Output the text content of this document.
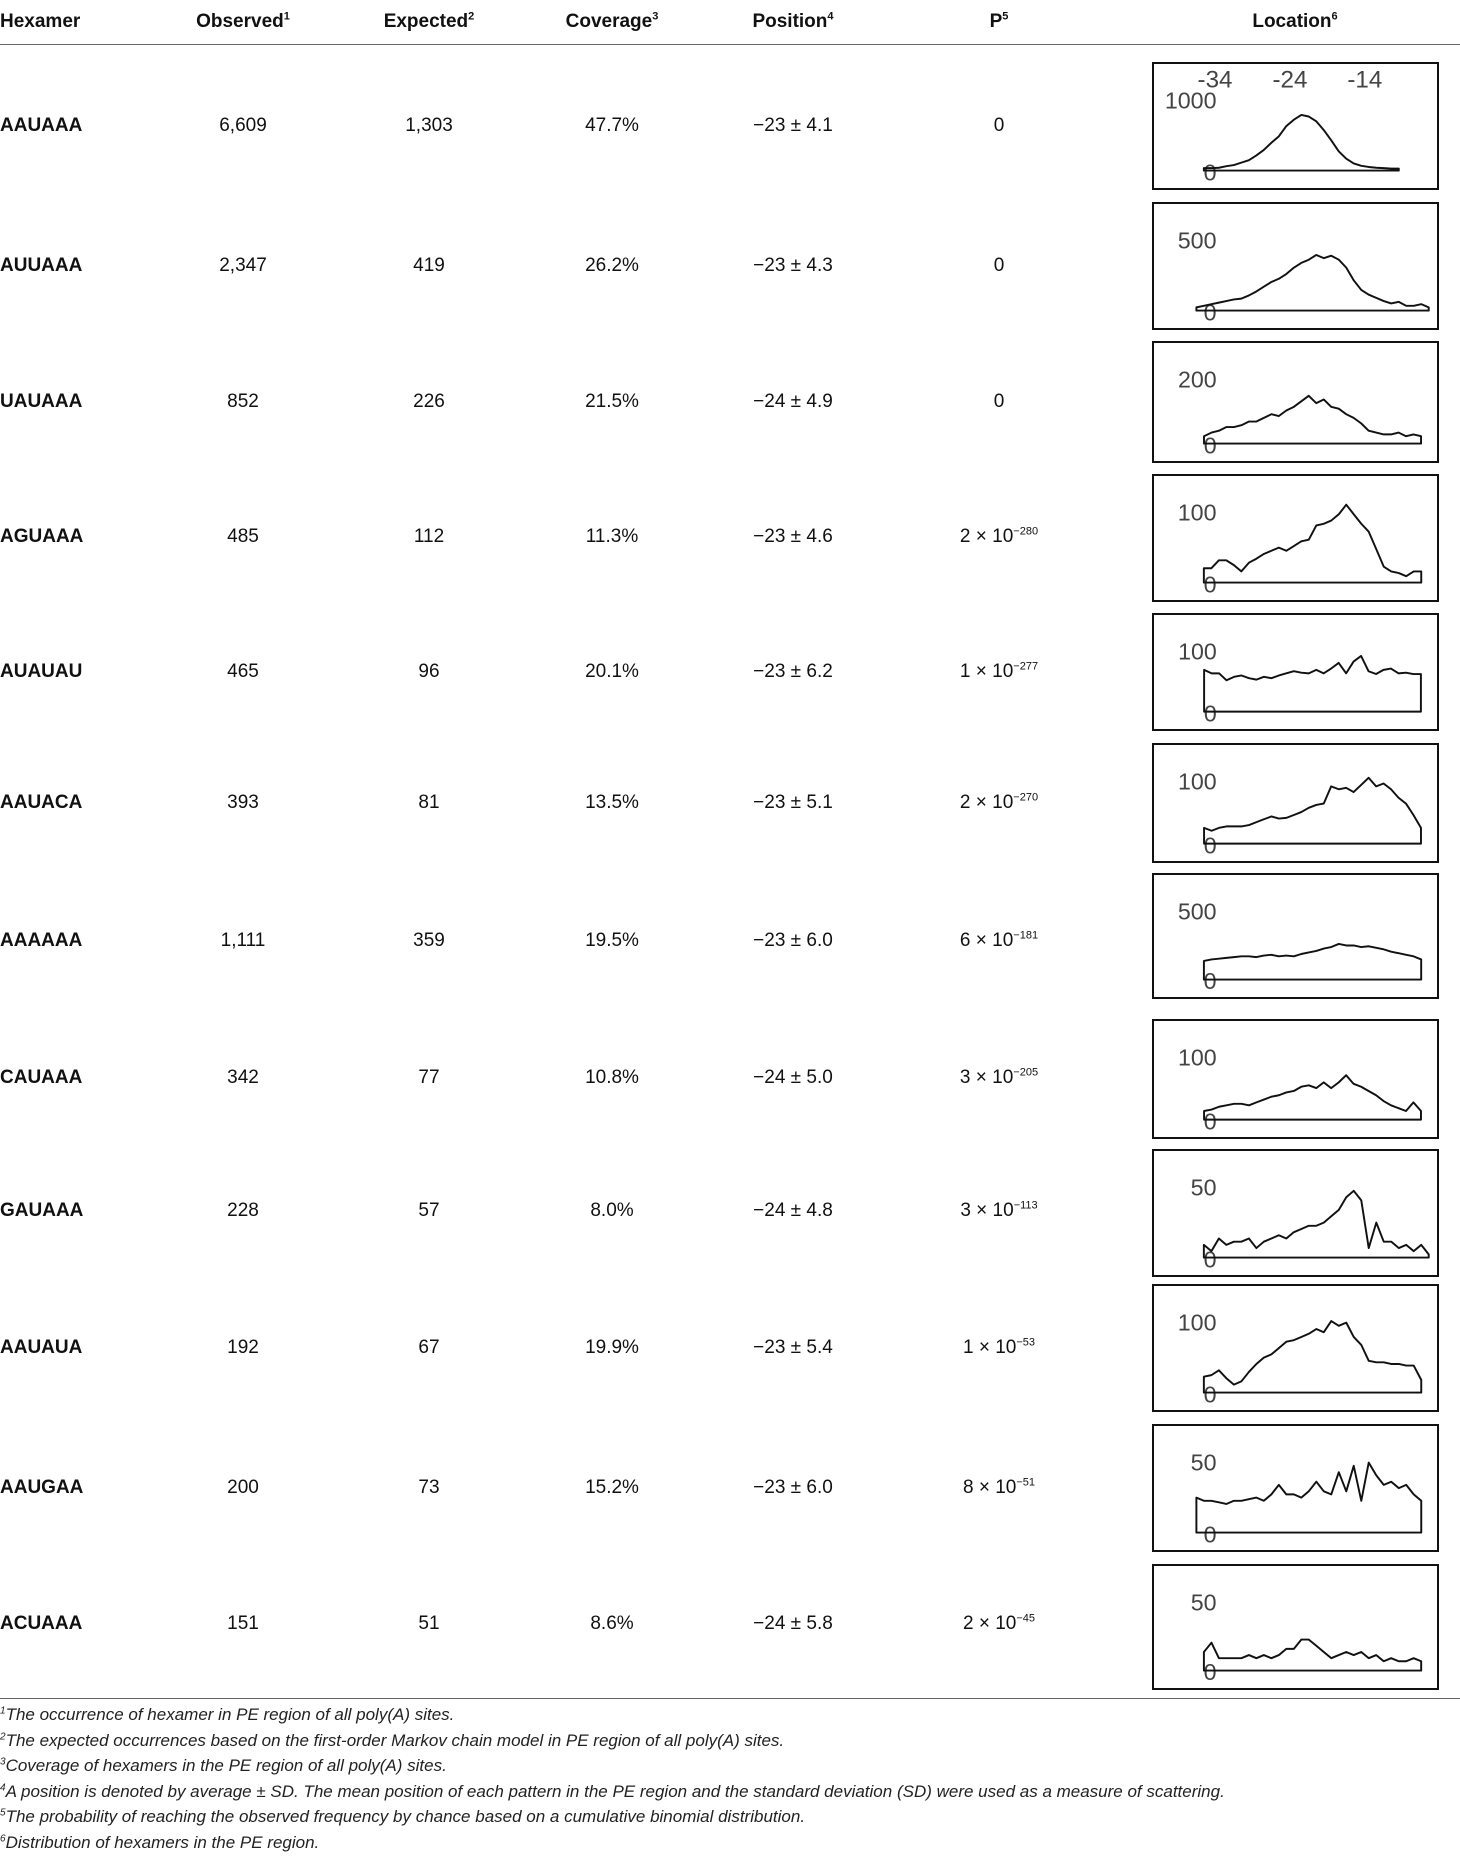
Hexamer	Observed$^1$	Expected$^2$	Coverage$^3$	Position$^4$	$P^5$	Location$^6$
AAUAAA	6,609	1,303	47.7%	−23 ± 4.1	0
-34 -24 -14
1000
0
AUUAAA	2,347	419	26.2%	−23 ± 4.3	0
500
0
UAUAAA	852	226	21.5%	−24 ± 4.9	0
200
0
AGUAAA	485	112	11.3%	−23 ± 4.6	$2 \times 10^{-280}$
100
0
AUAUAU	465	96	20.1%	−23 ± 6.2	$1 \times 10^{-277}$
100
0
AAUACA	393	81	13.5%	−23 ± 5.1	$2 \times 10^{-270}$
100
0
AAAAAA	1,111	359	19.5%	−23 ± 6.0	$6 \times 10^{-181}$
500
0
CAUAAA	342	77	10.8%	−24 ± 5.0	$3 \times 10^{-205}$
100
0
GAUAAA	228	57	8.0%	−24 ± 4.8	$3 \times 10^{-113}$
50
0
AAUAUA	192	67	19.9%	−23 ± 5.4	$1 \times 10^{-53}$
100
0
AAUGAA	200	73	15.2%	−23 ± 6.0	$8 \times 10^{-51}$
50
0
ACUAAA	151	51	8.6%	−24 ± 5.8	$2 \times 10^{-45}$
50
0
$^1$The occurrence of hexamer in PE region of all poly(A) sites.
$^2$The expected occurrences based on the first-order Markov chain model in PE region of all poly(A) sites.
$^3$Coverage of hexamers in the PE region of all poly(A) sites.
$^4$A position is denoted by average ± SD. The mean position of each pattern in the PE region and the standard deviation (SD) were used as a measure of scattering.
$^5$The probability of reaching the observed frequency by chance based on a cumulative binomial distribution.
$^6$Distribution of hexamers in the PE region.
